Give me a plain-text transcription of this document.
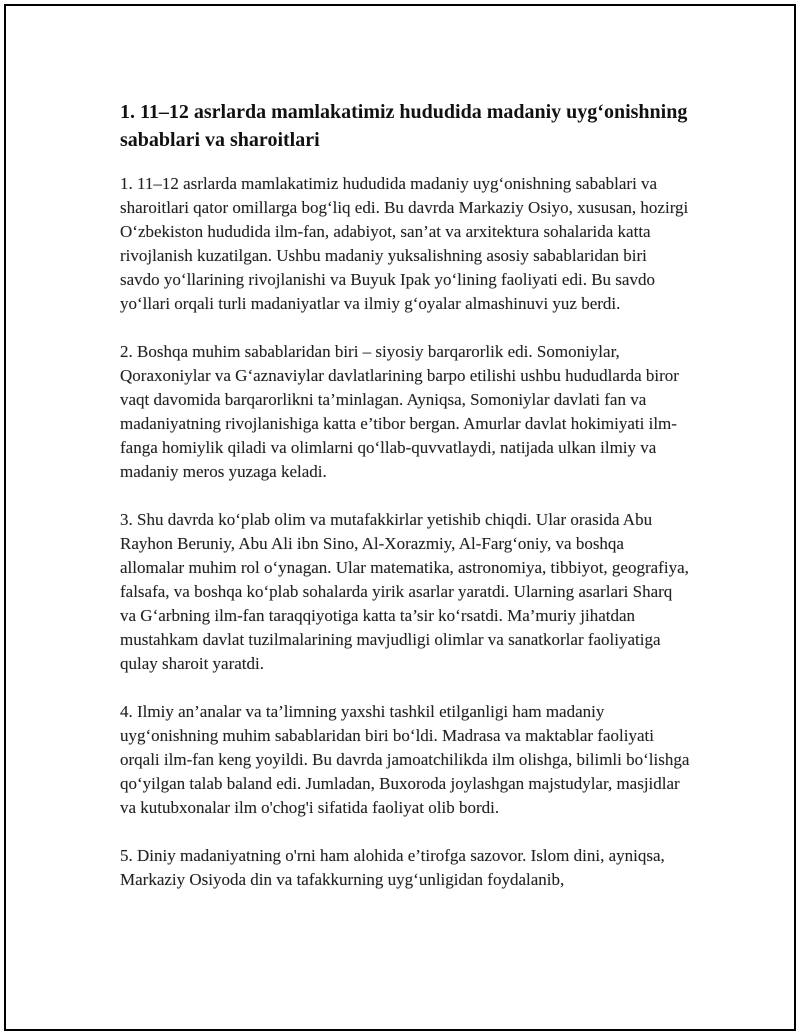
1. 11–12 asrlarda mamlakatimiz hududida madaniy uyg‘onishning sabablari va sharoitlari

1. 11–12 asrlarda mamlakatimiz hududida madaniy uyg‘onishning sabablari va sharoitlari qator omillarga bog‘liq edi. Bu davrda Markaziy Osiyo, xususan, hozirgi O‘zbekiston hududida ilm-fan, adabiyot, san’at va arxitektura sohalarida katta rivojlanish kuzatilgan. Ushbu madaniy yuksalishning asosiy sabablaridan biri savdo yo‘llarining rivojlanishi va Buyuk Ipak yo‘lining faoliyati edi. Bu savdo yo‘llari orqali turli madaniyatlar va ilmiy g‘oyalar almashinuvi yuz berdi.

2. Boshqa muhim sabablaridan biri – siyosiy barqarorlik edi. Somoniylar, Qoraxoniylar va G‘aznaviylar davlatlarining barpo etilishi ushbu hududlarda biror vaqt davomida barqarorlikni ta’minlagan. Ayniqsa, Somoniylar davlati fan va madaniyatning rivojlanishiga katta e’tibor bergan. Amurlar davlat hokimiyati ilm-fanga homiylik qiladi va olimlarni qo‘llab-quvvatlaydi, natijada ulkan ilmiy va madaniy meros yuzaga keladi.

3. Shu davrda ko‘plab olim va mutafakkirlar yetishib chiqdi. Ular orasida Abu Rayhon Beruniy, Abu Ali ibn Sino, Al-Xorazmiy, Al-Farg‘oniy, va boshqa allomalar muhim rol o‘ynagan. Ular matematika, astronomiya, tibbiyot, geografiya, falsafa, va boshqa ko‘plab sohalarda yirik asarlar yaratdi. Ularning asarlari Sharq va G‘arbning ilm-fan taraqqiyotiga katta ta’sir ko‘rsatdi. Ma’muriy jihatdan mustahkam davlat tuzilmalarining mavjudligi olimlar va sanatkorlar faoliyatiga qulay sharoit yaratdi.

4. Ilmiy an’analar va ta’limning yaxshi tashkil etilganligi ham madaniy uyg‘onishning muhim sabablaridan biri bo‘ldi. Madrasa va maktablar faoliyati orqali ilm-fan keng yoyildi. Bu davrda jamoatchilikda ilm olishga, bilimli bo‘lishga qo‘yilgan talab baland edi. Jumladan, Buxoroda joylashgan majstudylar, masjidlar va kutubxonalar ilm o'chog'i sifatida faoliyat olib bordi.

5. Diniy madaniyatning o'rni ham alohida e’tirofga sazovor. Islom dini, ayniqsa, Markaziy Osiyoda din va tafakkurning uyg‘unligidan foydalanib,
